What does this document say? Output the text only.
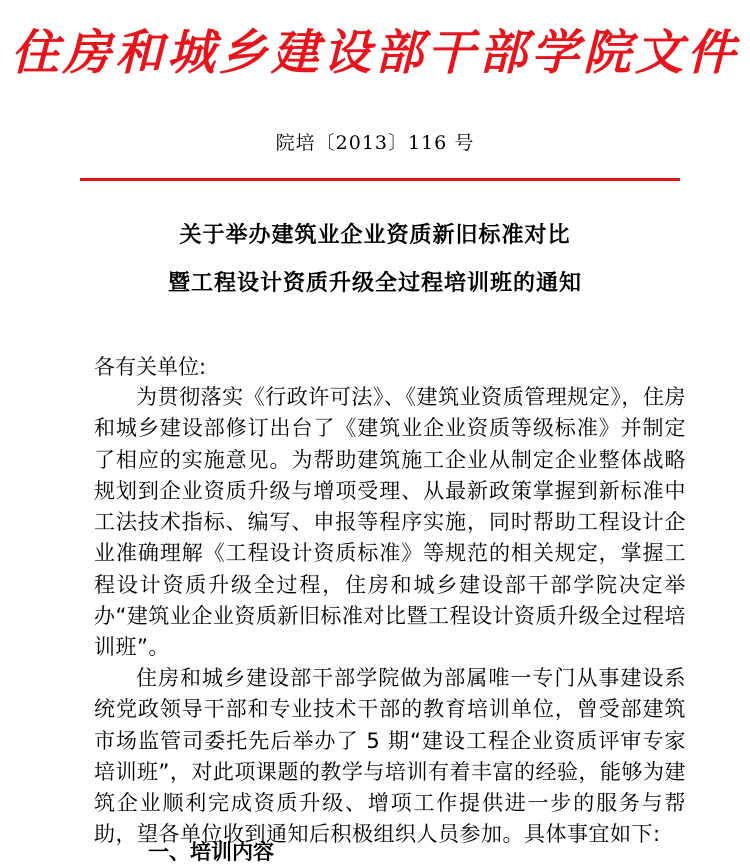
住房和城乡建设部干部学院文件
院培〔2013〕116 号
关于举办建筑业企业资质新旧标准对比
暨工程设计资质升级全过程培训班的通知
各有关单位:

为贯彻落实《行政许可法》、《建筑业资质管理规定》，住房和城乡建设部修订出台了《建筑业企业资质等级标准》并制定了相应的实施意见。为帮助建筑施工企业从制定企业整体战略规划到企业资质升级与增项受理、从最新政策掌握到新标准中工法技术指标、编写、申报等程序实施，同时帮助工程设计企业准确理解《工程设计资质标准》等规范的相关规定，掌握工程设计资质升级全过程，住房和城乡建设部干部学院决定举办“建筑业企业资质新旧标准对比暨工程设计资质升级全过程培训班”。

住房和城乡建设部干部学院做为部属唯一专门从事建设系统党政领导干部和专业技术干部的教育培训单位，曾受部建筑市场监管司委托先后举办了 5 期“建设工程企业资质评审专家培训班”，对此项课题的教学与培训有着丰富的经验，能够为建筑企业顺利完成资质升级、增项工作提供进一步的服务与帮助，望各单位收到通知后积极组织人员参加。具体事宜如下:

一、培训内容
